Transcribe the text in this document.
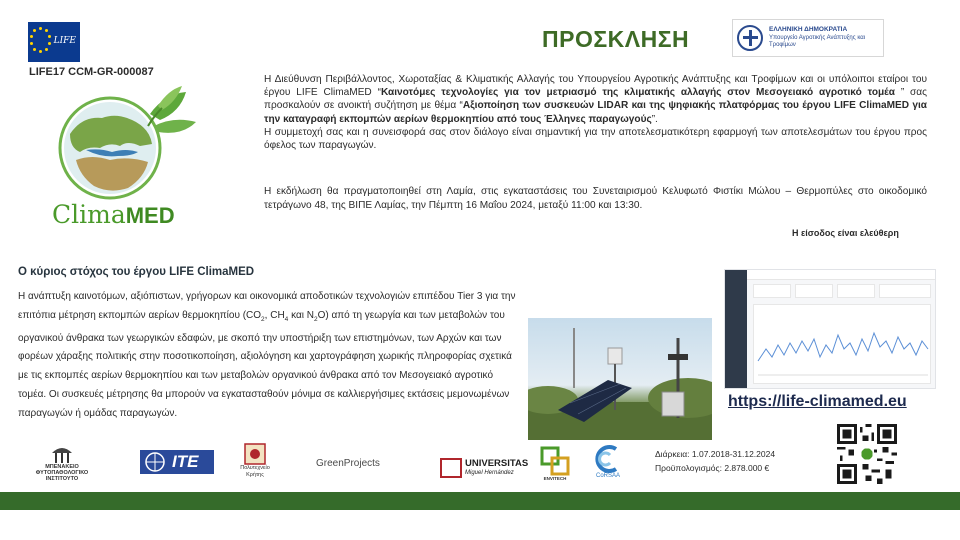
LIFE
LIFE17 CCM-GR-000087
ClimaMED
ΠΡΟΣΚΛΗΣΗ	ΕΛΛΗΝΙΚΗ ΔΗΜΟΚΡΑΤΙΑ
Υπουργείο Αγροτικής Ανάπτυξης και Τροφίμων
Η Διεύθυνση Περιβάλλοντος, Χωροταξίας & Κλιματικής Αλλαγής του Υπουργείου Αγροτικής Ανάπτυξης και Τροφίμων και οι υπόλοιποι εταίροι του έργου LIFE ClimaMED “Καινοτόμες τεχνολογίες για τον μετριασμό της κλιματικής αλλαγής στον Μεσογειακό αγροτικό τομέα ” σας προσκαλούν σε ανοικτή συζήτηση με θέμα “Αξιοποίηση των συσκευών LIDAR και της ψηφιακής πλατφόρμας του έργου LIFE ClimaMED για την καταγραφή εκπομπών αερίων θερμοκηπίου από τους Έλληνες παραγωγούς”.
Η συμμετοχή σας και η συνεισφορά σας στον διάλογο είναι σημαντική για την αποτελεσματικότερη εφαρμογή των αποτελεσμάτων του έργου προς όφελος των παραγωγών.
Η εκδήλωση θα πραγματοποιηθεί στη Λαμία, στις εγκαταστάσεις του Συνεταιρισμού Κελυφωτό Φιστίκι Μώλου – Θερμοπύλες στο οικοδομικό τετράγωνο 48, της ΒΙΠΕ Λαμίας, την Πέμπτη 16 Μαΐου 2024, μεταξύ 11:00 και 13:30.
Η είσοδος είναι ελεύθερη
Ο κύριος στόχος του έργου LIFE ClimaMED
Η ανάπτυξη καινοτόμων, αξιόπιστων, γρήγορων και οικονομικά αποδοτικών τεχνολογιών επιπέδου Tier 3 για την επιτόπια μέτρηση εκπομπών αερίων θερμοκηπίου ($CO_2$, $CH_4$ και $N_2O$) από τη γεωργία και των μεταβολών του οργανικού άνθρακα των γεωργικών εδαφών, με σκοπό την υποστήριξη των επιστημόνων, των Αρχών και των φορέων χάραξης πολιτικής στην ποσοτικοποίηση, αξιολόγηση και χαρτογράφηση χωρικής πληροφορίας σχετικά με τις εκπομπές αερίων θερμοκηπίου και των μεταβολών οργανικού άνθρακα από τον Μεσογειακό αγροτικό τομέα. Οι συσκευές μέτρησης θα μπορούν να εγκατασταθούν μόνιμα σε καλλιεργήσιμες εκτάσεις μεμονωμένων παραγωγών ή ομάδας παραγωγών.
https://life-climamed.eu
Διάρκεια: 1.07.2018-31.12.2024
Προϋπολογισμός: 2.878.000 €
ΜΠΕΝΑΚΕΙΟ ΦΥΤΟΠΑΘΟΛΟΓΙΚΟ ΙΝΣΤΙΤΟΥΤΟ
ITE	Πολυτεχνείο Κρήτης
GreenProjects	UNIVERSITAS
Miguel Hernández
ENVITECH	CoRSAA
